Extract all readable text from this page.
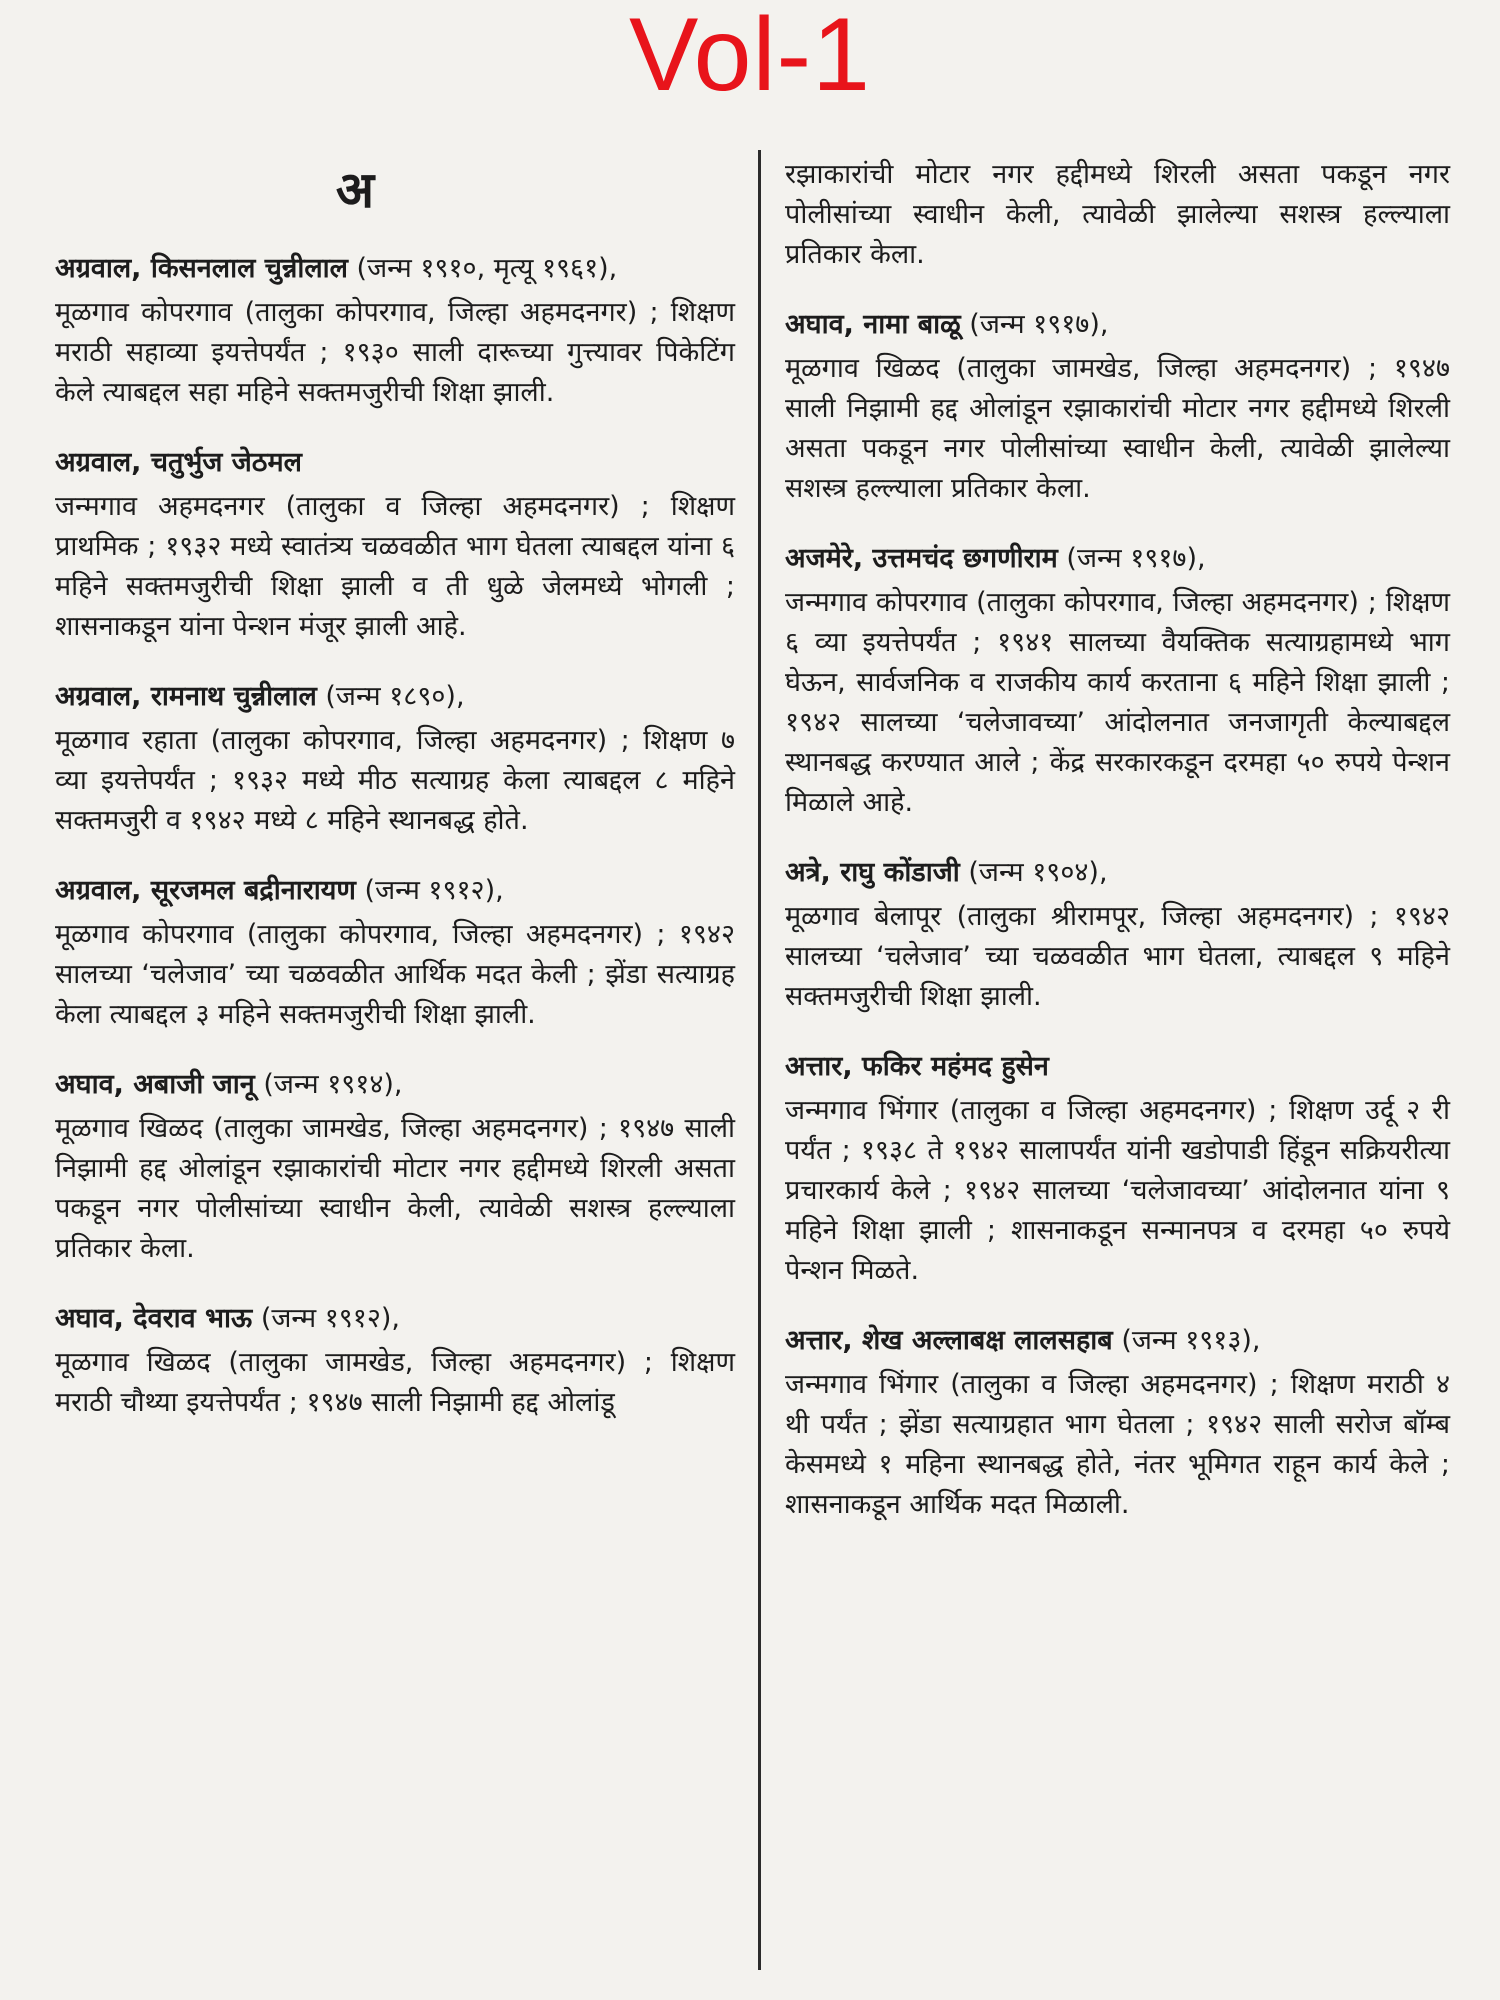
Vol-1
अ
अग्रवाल, किसनलाल चुन्नीलाल (जन्म १९१०, मृत्यू १९६१),
मूळगाव कोपरगाव (तालुका कोपरगाव, जिल्हा अहमदनगर) ; शिक्षण मराठी सहाव्या इयत्तेपर्यंत ; १९३० साली दारूच्या गुत्त्यावर पिकेटिंग केले त्याबद्दल सहा महिने सक्तमजुरीची शिक्षा झाली.
अग्रवाल, चतुर्भुज जेठमल
जन्मगाव अहमदनगर (तालुका व जिल्हा अहमदनगर) ; शिक्षण प्राथमिक ; १९३२ मध्ये स्वातंत्र्य चळवळीत भाग घेतला त्याबद्दल यांना ६ महिने सक्तमजुरीची शिक्षा झाली व ती धुळे जेलमध्ये भोगली ; शासनाकडून यांना पेन्शन मंजूर झाली आहे.
अग्रवाल, रामनाथ चुन्नीलाल (जन्म १८९०),
मूळगाव रहाता (तालुका कोपरगाव, जिल्हा अहमदनगर) ; शिक्षण ७ व्या इयत्तेपर्यंत ; १९३२ मध्ये मीठ सत्याग्रह केला त्याबद्दल ८ महिने सक्तमजुरी व १९४२ मध्ये ८ महिने स्थानबद्ध होते.
अग्रवाल, सूरजमल बद्रीनारायण (जन्म १९१२),
मूळगाव कोपरगाव (तालुका कोपरगाव, जिल्हा अहमदनगर) ; १९४२ सालच्या ‘चलेजाव’ च्या चळवळीत आर्थिक मदत केली ; झेंडा सत्याग्रह केला त्याबद्दल ३ महिने सक्तमजुरीची शिक्षा झाली.
अघाव, अबाजी जानू (जन्म १९१४),
मूळगाव खिळद (तालुका जामखेड, जिल्हा अहमदनगर) ; १९४७ साली निझामी हद्द ओलांडून रझाकारांची मोटार नगर हद्दीमध्ये शिरली असता पकडून नगर पोलीसांच्या स्वाधीन केली, त्यावेळी सशस्त्र हल्ल्याला प्रतिकार केला.
अघाव, देवराव भाऊ (जन्म १९१२),
मूळगाव खिळद (तालुका जामखेड, जिल्हा अहमदनगर) ; शिक्षण मराठी चौथ्या इयत्तेपर्यंत ; १९४७ साली निझामी हद्द ओलांडू
रझाकारांची मोटार नगर हद्दीमध्ये शिरली असता पकडून नगर पोलीसांच्या स्वाधीन केली, त्यावेळी झालेल्या सशस्त्र हल्ल्याला प्रतिकार केला.
अघाव, नामा बाळू (जन्म १९१७),
मूळगाव खिळद (तालुका जामखेड, जिल्हा अहमदनगर) ; १९४७ साली निझामी हद्द ओलांडून रझाकारांची मोटार नगर हद्दीमध्ये शिरली असता पकडून नगर पोलीसांच्या स्वाधीन केली, त्यावेळी झालेल्या सशस्त्र हल्ल्याला प्रतिकार केला.
अजमेरे, उत्तमचंद छगणीराम (जन्म १९१७),
जन्मगाव कोपरगाव (तालुका कोपरगाव, जिल्हा अहमदनगर) ; शिक्षण ६ व्या इयत्तेपर्यंत ; १९४१ सालच्या वैयक्तिक सत्याग्रहामध्ये भाग घेऊन, सार्वजनिक व राजकीय कार्य करताना ६ महिने शिक्षा झाली ; १९४२ सालच्या ‘चलेजावच्या’ आंदोलनात जनजागृती केल्याबद्दल स्थानबद्ध करण्यात आले ; केंद्र सरकारकडून दरमहा ५० रुपये पेन्शन मिळाले आहे.
अत्रे, राघु कोंडाजी (जन्म १९०४),
मूळगाव बेलापूर (तालुका श्रीरामपूर, जिल्हा अहमदनगर) ; १९४२ सालच्या ‘चलेजाव’ च्या चळवळीत भाग घेतला, त्याबद्दल ९ महिने सक्तमजुरीची शिक्षा झाली.
अत्तार, फकिर महंमद हुसेन
जन्मगाव भिंगार (तालुका व जिल्हा अहमदनगर) ; शिक्षण उर्दू २ री पर्यंत ; १९३८ ते १९४२ सालापर्यंत यांनी खडोपाडी हिंडून सक्रियरीत्या प्रचारकार्य केले ; १९४२ सालच्या ‘चलेजावच्या’ आंदोलनात यांना ९ महिने शिक्षा झाली ; शासनाकडून सन्मानपत्र व दरमहा ५० रुपये पेन्शन मिळते.
अत्तार, शेख अल्लाबक्ष लालसहाब (जन्म १९१३),
जन्मगाव भिंगार (तालुका व जिल्हा अहमदनगर) ; शिक्षण मराठी ४ थी पर्यंत ; झेंडा सत्याग्रहात भाग घेतला ; १९४२ साली सरोज बॉम्ब केसमध्ये १ महिना स्थानबद्ध होते, नंतर भूमिगत राहून कार्य केले ; शासनाकडून आर्थिक मदत मिळाली.
